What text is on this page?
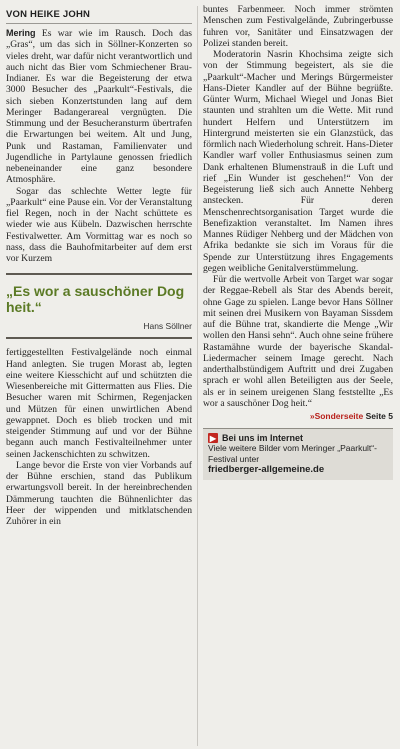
VON HEIKE JOHN

Mering Es war wie im Rausch. Doch das „Gras“, um das sich in Söllner-Konzerten so vieles dreht, war dafür nicht verantwortlich und auch nicht das Bier vom Schmiechener Brau-Indianer. Es war die Begeisterung der etwa 3000 Besucher des „Paarkult“-Festivals, die sich sieben Konzertstunden lang auf dem Meringer Badangerareal vergnügten. Die Stimmung und der Besucheransturm übertrafen die Erwartungen bei weitem. Alt und Jung, Punk und Rastaman, Familienvater und Jugendliche in Partylaune genossen friedlich nebeneinander eine ganz besondere Atmosphäre.

Sogar das schlechte Wetter legte für „Paarkult“ eine Pause ein. Vor der Veranstaltung fiel Regen, noch in der Nacht schüttete es wieder wie aus Kübeln. Dazwischen herrschte Festivalwetter. Am Vormittag war es noch so nass, dass die Bauhofmitarbeiter auf dem erst vor Kurzem

„Es wor a sauschöner Dog heit.“
Hans Söllner

fertiggestellten Festivalgelände noch einmal Hand anlegten. Sie trugen Morast ab, legten eine weitere Kiesschicht auf und schützten die Wiesenbereiche mit Gittermatten aus Flies. Die Besucher waren mit Schirmen, Regenjacken und Mützen für einen unwirtlichen Abend gewappnet. Doch es blieb trocken und mit steigender Stimmung auf und vor der Bühne begann auch manch Festivalteilnehmer unter seinen Jackenschichten zu schwitzen.

Lange bevor die Erste von vier Vorbands auf der Bühne erschien, stand das Publikum erwartungsvoll bereit. In der hereinbrechenden Dämmerung tauchten die Bühnenlichter das Heer der wippenden und mitklatschenden Zuhörer in ein

buntes Farbenmeer. Noch immer strömten Menschen zum Festivalgelände, Zubringerbusse fuhren vor, Sanitäter und Einsatzwagen der Polizei standen bereit.

Moderatorin Nasrin Khochsima zeigte sich von der Stimmung begeistert, als sie die „Paarkult“-Macher und Merings Bürgermeister Hans-Dieter Kandler auf der Bühne begrüßte. Günter Wurm, Michael Wiegel und Jonas Biet staunten und strahlten um die Wette. Mit rund hundert Helfern und Unterstützern im Hintergrund meisterten sie ein Glanzstück, das förmlich nach Wiederholung schreit. Hans-Dieter Kandler warf voller Enthusiasmus seinen zum Dank erhaltenen Blumenstrauß in die Luft und rief „Ein Wunder ist geschehen!“ Von der Begeisterung ließ sich auch Annette Nehberg anstecken. Für deren Menschenrechtsorganisation Target wurde die Benefizaktion veranstaltet. Im Namen ihres Mannes Rüdiger Nehberg und der Mädchen von Afrika bedankte sie sich im Voraus für die Spende zur Unterstützung ihres Engagements gegen weibliche Genitalverstümmelung.

Für die wertvolle Arbeit von Target war sogar der Reggae-Rebell als Star des Abends bereit, ohne Gage zu spielen. Lange bevor Hans Söllner mit seinen drei Musikern von Bayaman Sissdem auf die Bühne trat, skandierte die Menge „Wir wollen den Hansi sehn“. Auch ohne seine frühere Rastamähne wurde der bayerische Skandal-Liedermacher seinem Image gerecht. Nach anderthalbstündigem Auftritt und drei Zugaben sprach er wohl allen Beteiligten aus der Seele, als er in seinem ureigenen Slang feststellte „Es wor a sauschöner Dog heit.“

»Sonderseite Seite 5
▶ Bei uns im Internet
Viele weitere Bilder vom Meringer „Paarkult“-Festival unter
friedberger-allgemeine.de
